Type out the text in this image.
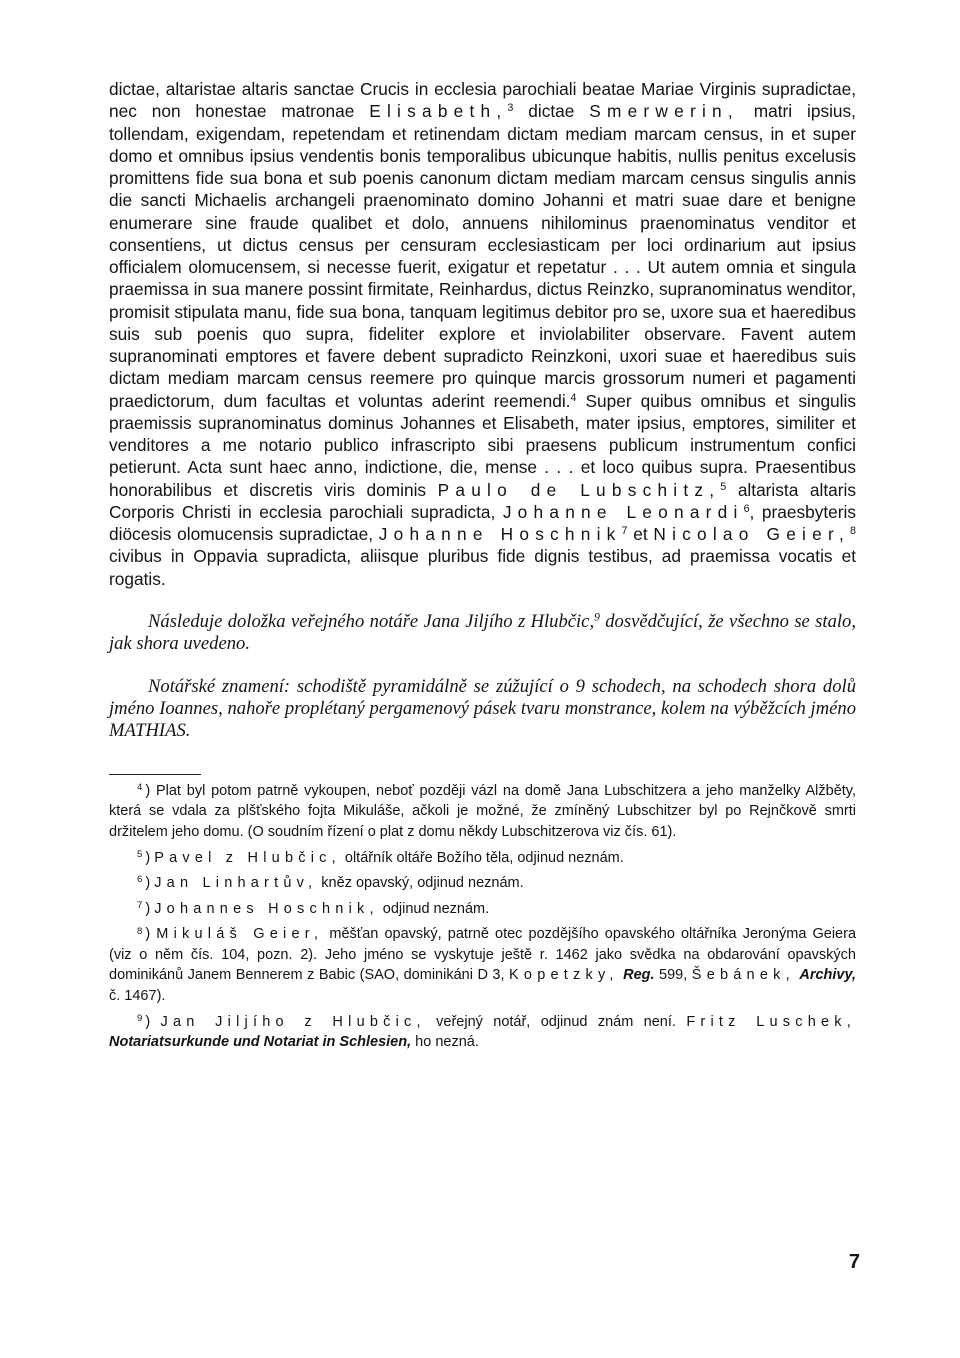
dictae, altaristae altaris sanctae Crucis in ecclesia parochiali beatae Mariae Virginis supradictae, nec non honestae matronae Elisabeth,$^3$ dictae Smerwerin, matri ipsius, tollendam, exigendam, repetendam et retinendam dictam mediam marcam census, in et super domo et omnibus ipsius vendentis bonis temporalibus ubicunque habitis, nullis penitus excelusis promittens fide sua bona et sub poenis canonum dictam mediam marcam census singulis annis die sancti Michaelis archangeli praenominato domino Johanni et matri suae dare et benigne enumerare sine fraude qualibet et dolo, annuens nihilominus praenominatus venditor et consentiens, ut dictus census per censuram ecclesiasticam per loci ordinarium aut ipsius officialem olomucensem, si necesse fuerit, exigatur et repetatur . . . Ut autem omnia et singula praemissa in sua manere possint firmitate, Reinhardus, dictus Reinzko, supranominatus wenditor, promisit stipulata manu, fide sua bona, tanquam legitimus debitor pro se, uxore sua et haeredibus suis sub poenis quo supra, fideliter explore et inviolabiliter observare. Favent autem supranominati emptores et favere debent supradicto Reinzkoni, uxori suae et haeredibus suis dictam mediam marcam census reemere pro quinque marcis grossorum numeri et pagamenti praedictorum, dum facultas et voluntas aderint reemendi.$^4$ Super quibus omnibus et singulis praemissis supranominatus dominus Johannes et Elisabeth, mater ipsius, emptores, similiter et venditores a me notario publico infrascripto sibi praesens publicum instrumentum confici petierunt. Acta sunt haec anno, indictione, die, mense . . . et loco quibus supra. Praesentibus honorabilibus et discretis viris dominis Paulo de Lubschitz,$^5$ altarista altaris Corporis Christi in ecclesia parochiali supradicta, Johanne Leonardi$^6$, praesbyteris diöcesis olomucensis supradictae, Johanne Hoschnik$^7$ et Nicolao Geier,$^8$ civibus in Oppavia supradicta, aliisque pluribus fide dignis testibus, ad praemissa vocatis et rogatis.

Následuje doložka veřejného notáře Jana Jiljího z Hlubčic,$^9$ dosvědčující, že všechno se stalo, jak shora uvedeno.

Notářské znamení: schodiště pyramidálně se zúžující o 9 schodech, na schodech shora dolů jméno Ioannes, nahoře proplétaný pergamenový pásek tvaru monstrance, kolem na výběžcích jméno MATHIAS.

$^4$ ) Plat byl potom patrně vykoupen, neboť později vázl na domě Jana Lubschitzera a jeho manželky Alžběty, která se vdala za plšťského fojta Mikuláše, ačkoli je možné, že zmíněný Lubschitzer byl po Rejnčkově smrti držitelem jeho domu. (O soudním řízení o plat z domu někdy Lubschitzerova viz čís. 61).

$^5$ ) Pavel z Hlubčic, oltářník oltáře Božího těla, odjinud neznám.

$^6$ ) Jan Linhartův, kněz opavský, odjinud neznám.

$^7$ ) Johannes Hoschnik, odjinud neznám.

$^8$ ) Mikuláš Geier, měšťan opavský, patrně otec pozdějšího opavského oltářníka Jeronýma Geiera (viz o něm čís. 104, pozn. 2). Jeho jméno se vyskytuje ještě r. 1462 jako svědka na obdarování opavských dominikánů Janem Bennerem z Babic (SAO, dominikáni D 3, Kopetzky, Reg. 599, Šebánek, Archivy, č. 1467).

$^9$ ) Jan Jiljího z Hlubčic, veřejný notář, odjinud znám není. Fritz Luschek, Notariatsurkunde und Notariat in Schlesien, ho nezná.

7
